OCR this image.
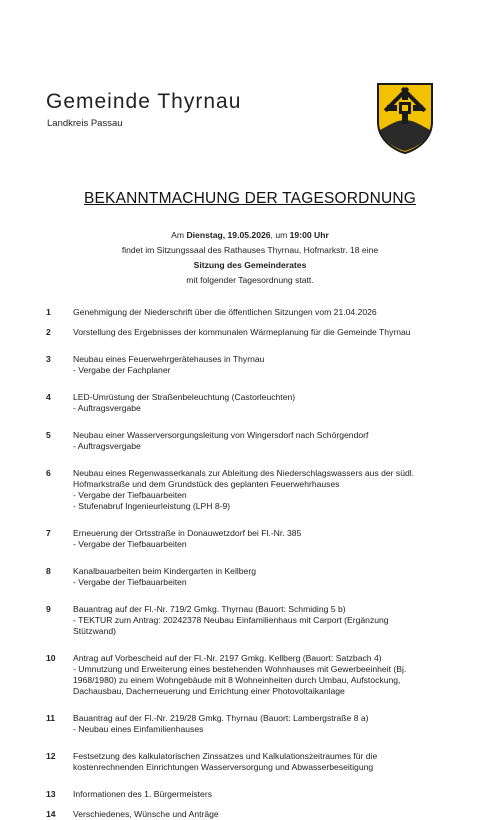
Gemeinde Thyrnau
Landkreis Passau
BEKANNTMACHUNG DER TAGESORDNUNG
Am Dienstag, 19.05.2026, um 19:00 Uhr
findet im Sitzungssaal des Rathauses Thyrnau, Hofmarkstr. 18 eine
Sitzung des Gemeinderates
mit folgender Tagesordnung statt.
1	Genehmigung der Niederschrift über die öffentlichen Sitzungen vom 21.04.2026
2	Vorstellung des Ergebnisses der kommunalen Wärmeplanung für die Gemeinde Thyrnau
3	Neubau eines Feuerwehrgerätehauses in Thyrnau
- Vergabe der Fachplaner
4	LED-Umrüstung der Straßenbeleuchtung (Castorleuchten)
- Auftragsvergabe
5	Neubau einer Wasserversorgungsleitung von Wingersdorf nach Schörgendorf
- Auftragsvergabe
6	Neubau eines Regenwasserkanals zur Ableitung des Niederschlagswassers aus der südl.
Hofmarkstraße und dem Grundstück des geplanten Feuerwehrhauses
- Vergabe der Tiefbauarbeiten
- Stufenabruf Ingenieurleistung (LPH 8-9)
7	Erneuerung der Ortsstraße in Donauwetzdorf bei Fl.-Nr. 385
- Vergabe der Tiefbauarbeiten
8	Kanalbauarbeiten beim Kindergarten in Kellberg
- Vergabe der Tiefbauarbeiten
9	Bauantrag auf der Fl.-Nr. 719/2 Gmkg. Thyrnau (Bauort: Schmiding 5 b)
- TEKTUR zum Antrag: 20242378 Neubau Einfamilienhaus mit Carport (Ergänzung
Stützwand)
10	Antrag auf Vorbescheid auf der Fl.-Nr. 2197 Gmkg. Kellberg (Bauort: Satzbach 4)
- Umnutzung und Erweiterung eines bestehenden Wohnhauses mit Gewerbeeinheit (Bj.
1968/1980) zu einem Wohngebäude mit 8 Wohneinheiten durch Umbau, Aufstockung,
Dachausbau, Dacherneuerung und Errichtung einer Photovoltaikanlage
11	Bauantrag auf der Fl.-Nr. 219/28 Gmkg. Thyrnau (Bauort: Lambergstraße 8 a)
- Neubau eines Einfamilienhauses
12	Festsetzung des kalkulatorischen Zinssatzes und Kalkulationszeitraumes für die
kostenrechnenden Einrichtungen Wasserversorgung und Abwasserbeseitigung
13	Informationen des 1. Bürgermeisters
14	Verschiedenes, Wünsche und Anträge
